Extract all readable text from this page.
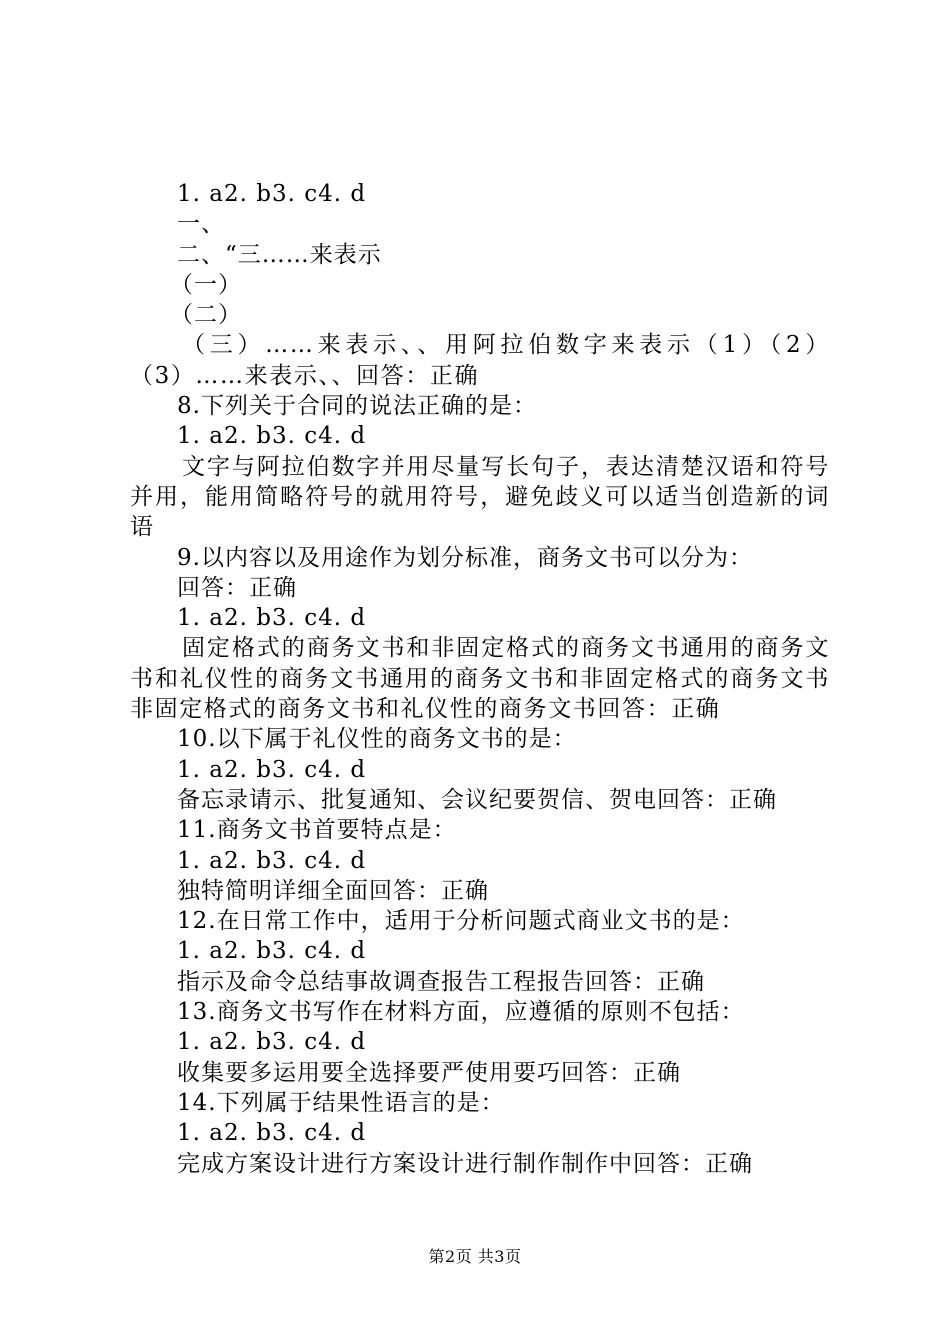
1. a2. b3. c4. d

一、

二、“三……来表示

（一）

（二）

（三）……来表示、、用阿拉伯数字来表示（1）（2）（3）……来表示、、回答：正确

8.下列关于合同的说法正确的是：

1. a2. b3. c4. d

文字与阿拉伯数字并用尽量写长句子，表达清楚汉语和符号并用，能用简略符号的就用符号，避免歧义可以适当创造新的词语

9.以内容以及用途作为划分标准，商务文书可以分为：

回答：正确

1. a2. b3. c4. d

固定格式的商务文书和非固定格式的商务文书通用的商务文书和礼仪性的商务文书通用的商务文书和非固定格式的商务文书非固定格式的商务文书和礼仪性的商务文书回答：正确

10.以下属于礼仪性的商务文书的是：

1. a2. b3. c4. d

备忘录请示、批复通知、会议纪要贺信、贺电回答：正确

11.商务文书首要特点是：

1. a2. b3. c4. d

独特简明详细全面回答：正确

12.在日常工作中，适用于分析问题式商业文书的是：

1. a2. b3. c4. d

指示及命令总结事故调查报告工程报告回答：正确

13.商务文书写作在材料方面，应遵循的原则不包括：

1. a2. b3. c4. d

收集要多运用要全选择要严使用要巧回答：正确

14.下列属于结果性语言的是：

1. a2. b3. c4. d

完成方案设计进行方案设计进行制作制作中回答：正确

第2页 共3页
